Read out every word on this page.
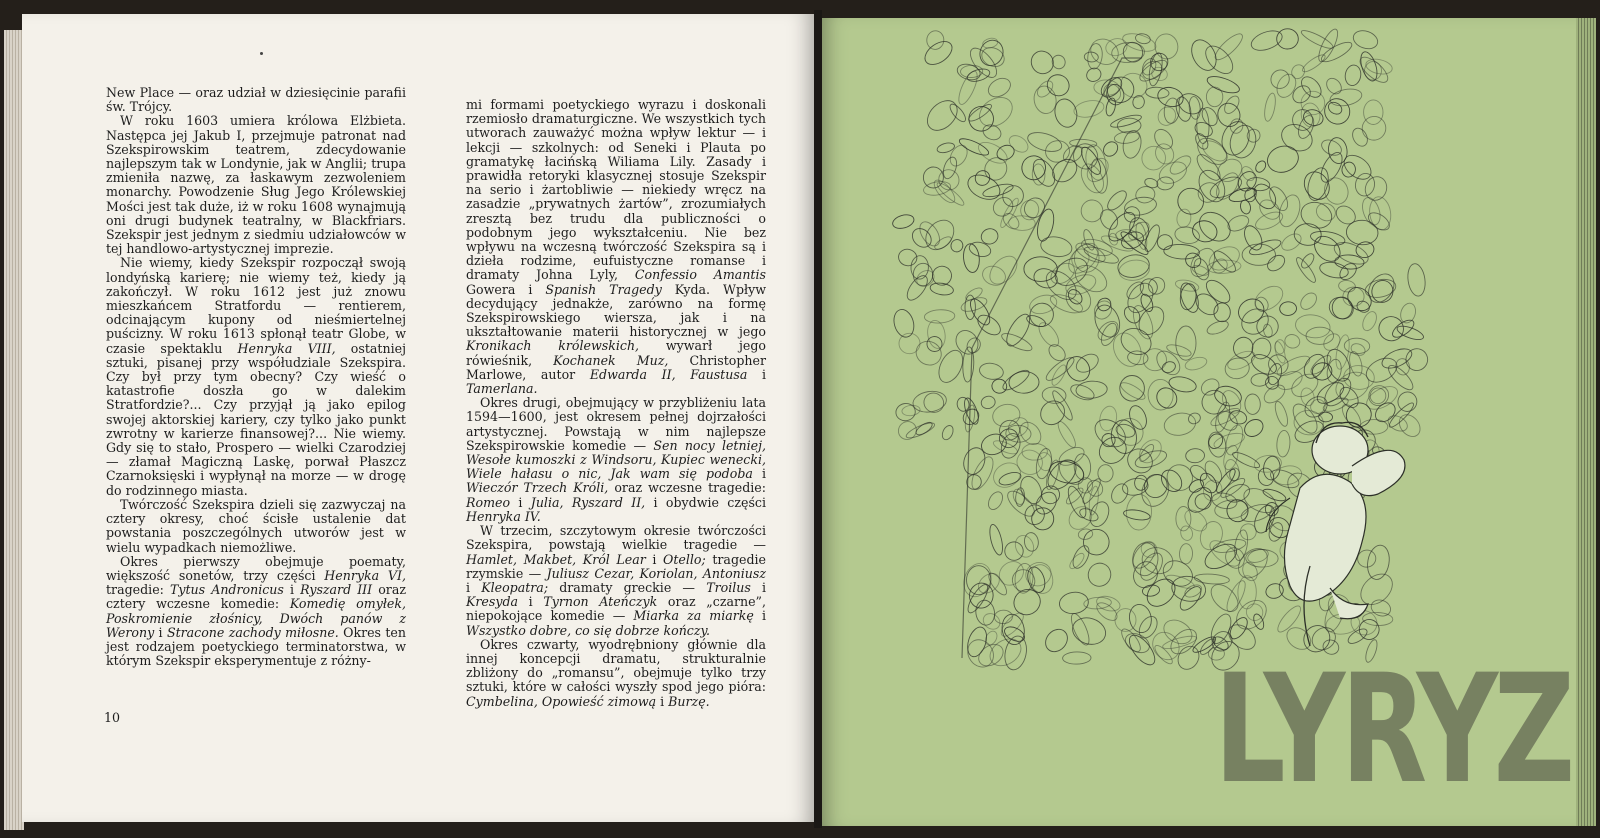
New Place — oraz udział w dziesięcinie parafii św. Trójcy.

W roku 1603 umiera królowa Elżbieta. Następca jej Jakub I, przejmuje patronat nad Szekspirowskim teatrem, zdecydowanie najlepszym tak w Londynie, jak w Anglii; trupa zmieniła nazwę, za łaskawym zezwoleniem monarchy. Powodzenie Sług Jego Królewskiej Mości jest tak duże, iż w roku 1608 wynajmują oni drugi budynek teatralny, w Blackfriars. Szekspir jest jednym z siedmiu udziałowców w tej handlowo-artystycznej imprezie.

Nie wiemy, kiedy Szekspir rozpoczął swoją londyńską karierę; nie wiemy też, kiedy ją zakończył. W roku 1612 jest już znowu mieszkańcem Stratfordu — rentierem, odcinającym kupony od nieśmiertelnej puścizny. W roku 1613 spłonął teatr Globe, w czasie spektaklu Henryka VIII, ostatniej sztuki, pisanej przy współudziale Szekspira. Czy był przy tym obecny? Czy wieść o katastrofie doszła go w dalekim Stratfordzie?... Czy przyjął ją jako epilog swojej aktorskiej kariery, czy tylko jako punkt zwrotny w karierze finansowej?... Nie wiemy. Gdy się to stało, Prospero — wielki Czarodziej — złamał Magiczną Laskę, porwał Płaszcz Czarnoksięski i wypłynął na morze — w drogę do rodzinnego miasta.

Twórczość Szekspira dzieli się zazwyczaj na cztery okresy, choć ścisłe ustalenie dat powstania poszczególnych utworów jest w wielu wypadkach niemożliwe.

Okres pierwszy obejmuje poematy, większość sonetów, trzy części Henryka VI, tragedie: Tytus Andronicus i Ryszard III oraz cztery wczesne komedie: Komedię omyłek, Poskromienie złośnicy, Dwóch panów z Werony i Stracone zachody miłosne. Okres ten jest rodzajem poetyckiego terminatorstwa, w którym Szekspir eksperymentuje z różny-

mi formami poetyckiego wyrazu i doskonali rzemiosło dramaturgiczne. We wszystkich tych utworach zauważyć można wpływ lektur — i lekcji — szkolnych: od Seneki i Plauta po gramatykę łacińską Wiliama Lily. Zasady i prawidła retoryki klasycznej stosuje Szekspir na serio i żartobliwie — niekiedy wręcz na zasadzie „prywatnych żartów”, zrozumiałych zresztą bez trudu dla publiczności o podobnym jego wykształceniu. Nie bez wpływu na wczesną twórczość Szekspira są i dzieła rodzime, eufuistyczne romanse i dramaty Johna Lyly, Confessio Amantis Gowera i Spanish Tragedy Kyda. Wpływ decydujący jednakże, zarówno na formę Szekspirowskiego wiersza, jak i na ukształtowanie materii historycznej w jego Kronikach królewskich, wywarł jego rówieśnik, Kochanek Muz, Christopher Marlowe, autor Edwarda II, Faustusa i Tamerlana.

Okres drugi, obejmujący w przybliżeniu lata 1594—1600, jest okresem pełnej dojrzałości artystycznej. Powstają w nim najlepsze Szekspirowskie komedie — Sen nocy letniej, Wesołe kumoszki z Windsoru, Kupiec wenecki, Wiele hałasu o nic, Jak wam się podoba i Wieczór Trzech Króli, oraz wczesne tragedie: Romeo i Julia, Ryszard II, i obydwie części Henryka IV.

W trzecim, szczytowym okresie twórczości Szekspira, powstają wielkie tragedie — Hamlet, Makbet, Król Lear i Otello; tragedie rzymskie — Juliusz Cezar, Koriolan, Antoniusz i Kleopatra; dramaty greckie — Troilus i Kresyda i Tyrnon Ateńczyk oraz „czarne”, niepokojące komedie — Miarka za miarkę i Wszystko dobre, co się dobrze kończy.

Okres czwarty, wyodrębniony głównie dla innej koncepcji dramatu, strukturalnie zbliżony do „romansu”, obejmuje tylko trzy sztuki, które w całości wyszły spod jego pióra: Cymbelina, Opowieść zimową i Burzę.

10	LYRYZ
